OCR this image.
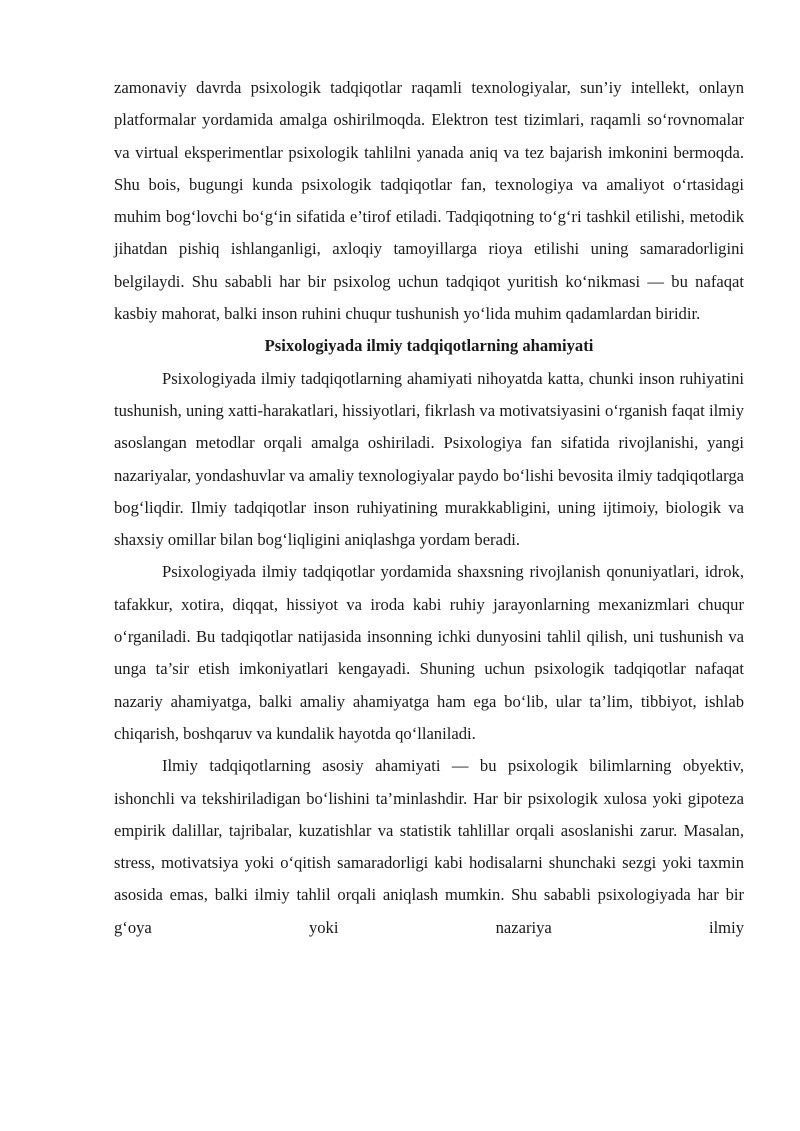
zamonaviy davrda psixologik tadqiqotlar raqamli texnologiyalar, sun’iy intellekt, onlayn platformalar yordamida amalga oshirilmoqda. Elektron test tizimlari, raqamli so‘rovnomalar va virtual eksperimentlar psixologik tahlilni yanada aniq va tez bajarish imkonini bermoqda. Shu bois, bugungi kunda psixologik tadqiqotlar fan, texnologiya va amaliyot o‘rtasidagi muhim bog‘lovchi bo‘g‘in sifatida e’tirof etiladi. Tadqiqotning to‘g‘ri tashkil etilishi, metodik jihatdan pishiq ishlanganligi, axloqiy tamoyillarga rioya etilishi uning samaradorligini belgilaydi. Shu sababli har bir psixolog uchun tadqiqot yuritish ko‘nikmasi — bu nafaqat kasbiy mahorat, balki inson ruhini chuqur tushunish yo‘lida muhim qadamlardan biridir.

Psixologiyada ilmiy tadqiqotlarning ahamiyati

Psixologiyada ilmiy tadqiqotlarning ahamiyati nihoyatda katta, chunki inson ruhiyatini tushunish, uning xatti-harakatlari, hissiyotlari, fikrlash va motivatsiyasini o‘rganish faqat ilmiy asoslangan metodlar orqali amalga oshiriladi. Psixologiya fan sifatida rivojlanishi, yangi nazariyalar, yondashuvlar va amaliy texnologiyalar paydo bo‘lishi bevosita ilmiy tadqiqotlarga bog‘liqdir. Ilmiy tadqiqotlar inson ruhiyatining murakkabligini, uning ijtimoiy, biologik va shaxsiy omillar bilan bog‘liqligini aniqlashga yordam beradi.

Psixologiyada ilmiy tadqiqotlar yordamida shaxsning rivojlanish qonuniyatlari, idrok, tafakkur, xotira, diqqat, hissiyot va iroda kabi ruhiy jarayonlarning mexanizmlari chuqur o‘rganiladi. Bu tadqiqotlar natijasida insonning ichki dunyosini tahlil qilish, uni tushunish va unga ta’sir etish imkoniyatlari kengayadi. Shuning uchun psixologik tadqiqotlar nafaqat nazariy ahamiyatga, balki amaliy ahamiyatga ham ega bo‘lib, ular ta’lim, tibbiyot, ishlab chiqarish, boshqaruv va kundalik hayotda qo‘llaniladi.

Ilmiy tadqiqotlarning asosiy ahamiyati — bu psixologik bilimlarning obyektiv, ishonchli va tekshiriladigan bo‘lishini ta’minlashdir. Har bir psixologik xulosa yoki gipoteza empirik dalillar, tajribalar, kuzatishlar va statistik tahlillar orqali asoslanishi zarur. Masalan, stress, motivatsiya yoki o‘qitish samaradorligi kabi hodisalarni shunchaki sezgi yoki taxmin asosida emas, balki ilmiy tahlil orqali aniqlash mumkin. Shu sababli psixologiyada har bir g‘oya yoki nazariya ilmiy
